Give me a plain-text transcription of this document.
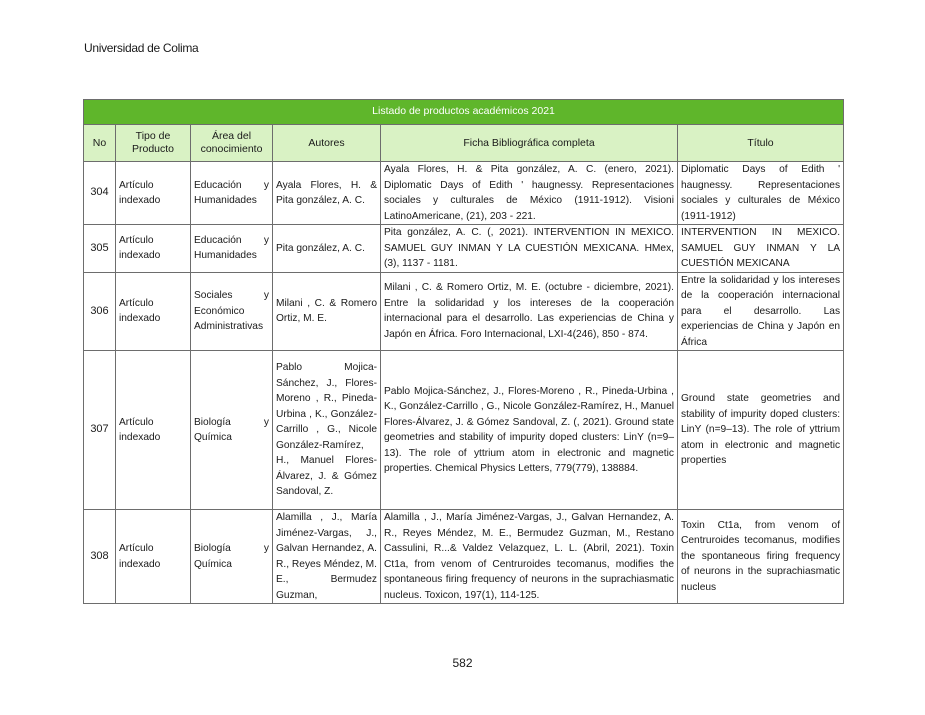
Universidad de Colima
Listado de productos académicos 2021					
No	Tipo de Producto	Área del conocimiento	Autores	Ficha Bibliográfica completa	Título
304	Artículo indexado	Educación y Humanidades	Ayala Flores, H. & Pita gonzález, A. C.	Ayala Flores, H. & Pita gonzález, A. C. (enero, 2021). Diplomatic Days of Edith ' haugnessy. Representaciones sociales y culturales de México (1911-1912). Visioni LatinoAmericane, (21), 203 - 221.	Diplomatic Days of Edith ' haugnessy. Representaciones sociales y culturales de México (1911-1912)
305	Artículo indexado	Educación y Humanidades	Pita gonzález, A. C.	Pita gonzález, A. C. (, 2021). INTERVENTION IN MEXICO. SAMUEL GUY INMAN Y LA CUESTIÓN MEXICANA. HMex, (3), 1137 - 1181.	INTERVENTION IN MEXICO. SAMUEL GUY INMAN Y LA CUESTIÓN MEXICANA
306	Artículo indexado	Sociales y Económico Administrativas	Milani , C. & Romero Ortiz, M. E.	Milani , C. & Romero Ortiz, M. E. (octubre - diciembre, 2021). Entre la solidaridad y los intereses de la cooperación internacional para el desarrollo. Las experiencias de China y Japón en África. Foro Internacional, LXI-4(246), 850 - 874.	Entre la solidaridad y los intereses de la cooperación internacional para el desarrollo. Las experiencias de China y Japón en África
307	Artículo indexado	Biología y Química	Pablo Mojica-Sánchez, J., Flores-Moreno , R., Pineda-Urbina , K., González-Carrillo , G., Nicole González-Ramírez, H., Manuel Flores-Álvarez, J. & Gómez Sandoval, Z.	Pablo Mojica-Sánchez, J., Flores-Moreno , R., Pineda-Urbina , K., González-Carrillo , G., Nicole González-Ramírez, H., Manuel Flores-Álvarez, J. & Gómez Sandoval, Z. (, 2021). Ground state geometries and stability of impurity doped clusters: LinY (n=9–13). The role of yttrium atom in electronic and magnetic properties. Chemical Physics Letters, 779(779), 138884.	Ground state geometries and stability of impurity doped clusters: LinY (n=9–13). The role of yttrium atom in electronic and magnetic properties
308	Artículo indexado	Biología y Química	Alamilla , J., María Jiménez-Vargas, J., Galvan Hernandez, A. R., Reyes Méndez, M. E., Bermudez Guzman,	Alamilla , J., María Jiménez-Vargas, J., Galvan Hernandez, A. R., Reyes Méndez, M. E., Bermudez Guzman, M., Restano Cassulini, R...& Valdez Velazquez, L. L. (Abril, 2021). Toxin Ct1a, from venom of Centruroides tecomanus, modifies the spontaneous firing frequency of neurons in the suprachiasmatic nucleus. Toxicon, 197(1), 114-125.	Toxin Ct1a, from venom of Centruroides tecomanus, modifies the spontaneous firing frequency of neurons in the suprachiasmatic nucleus
582
